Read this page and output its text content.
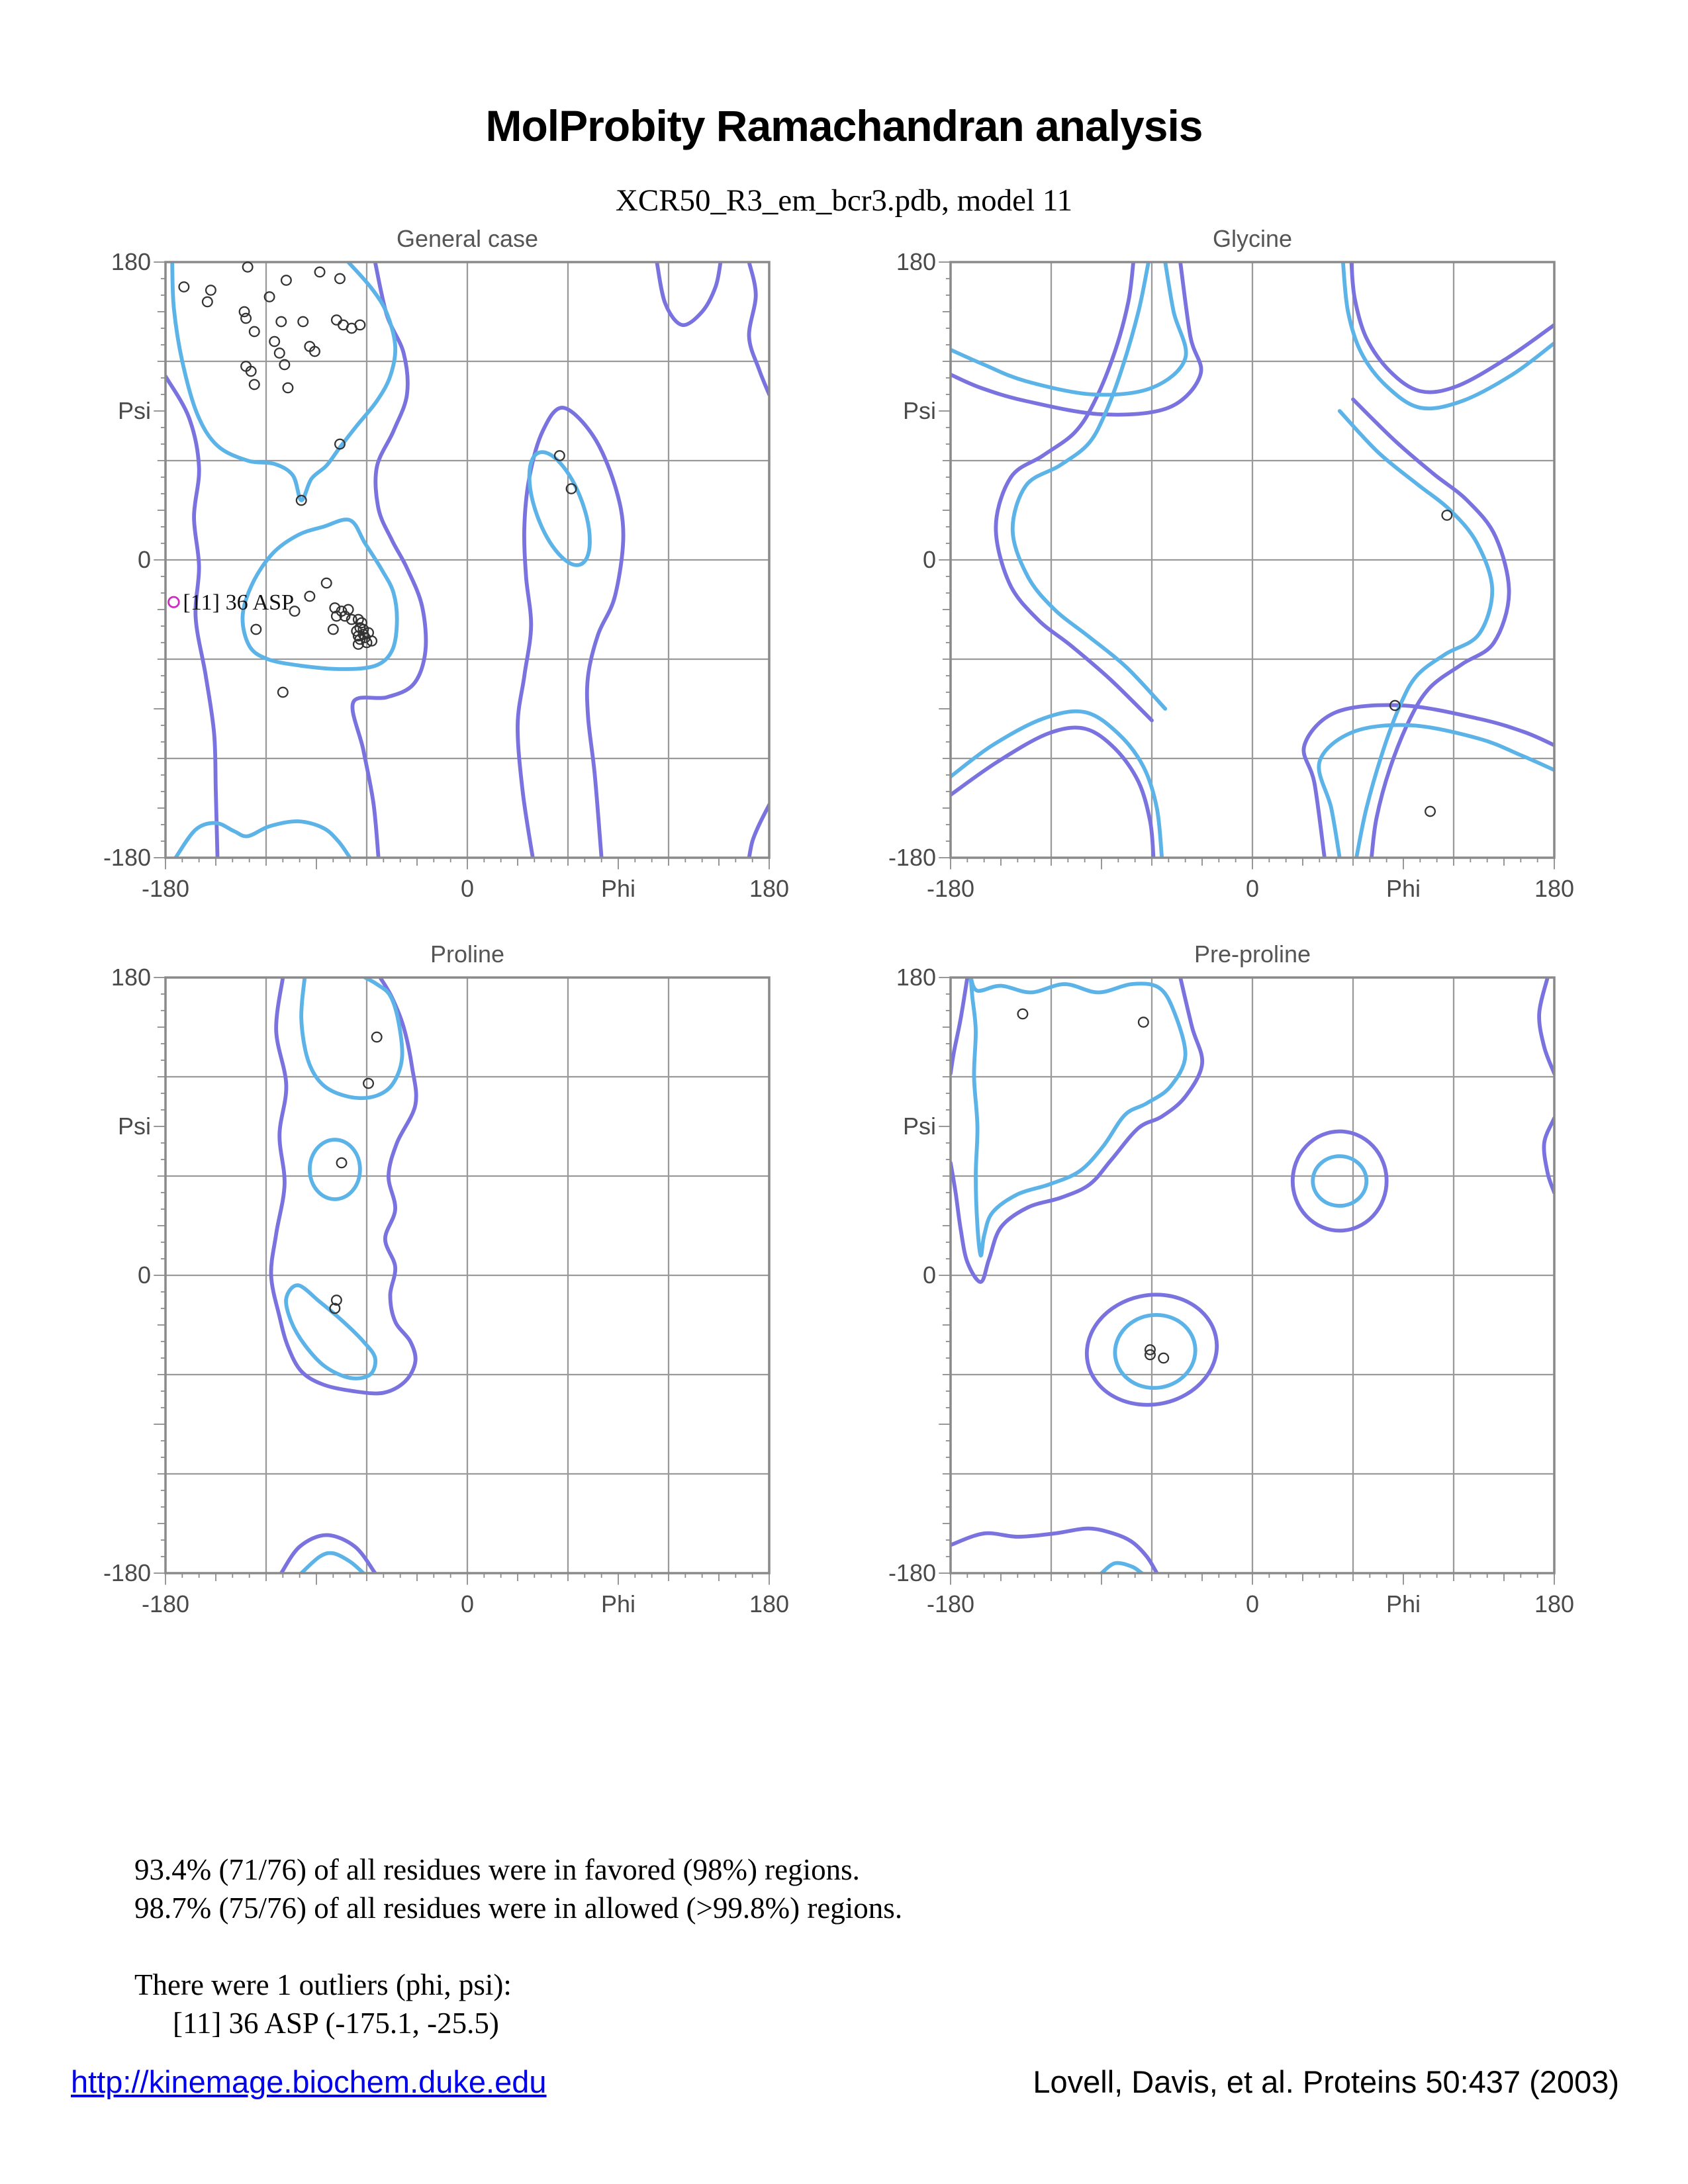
MolProbity Ramachandran analysis
XCR50_R3_em_bcr3.pdb, model 11
General case
180
Psi
0
-180
-180	0	Phi	180
[11] 36 ASP
Glycine
180
Psi
0
-180
-180	0	Phi	180
Proline
180
Psi
0
-180
-180	0	Phi	180
Pre-proline
180
Psi
0
-180
-180	0	Phi	180
93.4% (71/76) of all residues were in favored (98%) regions.
98.7% (75/76) of all residues were in allowed (>99.8%) regions.
There were 1 outliers (phi, psi):
[11] 36 ASP (-175.1, -25.5)
http://kinemage.biochem.duke.edu	Lovell, Davis, et al. Proteins 50:437 (2003)
